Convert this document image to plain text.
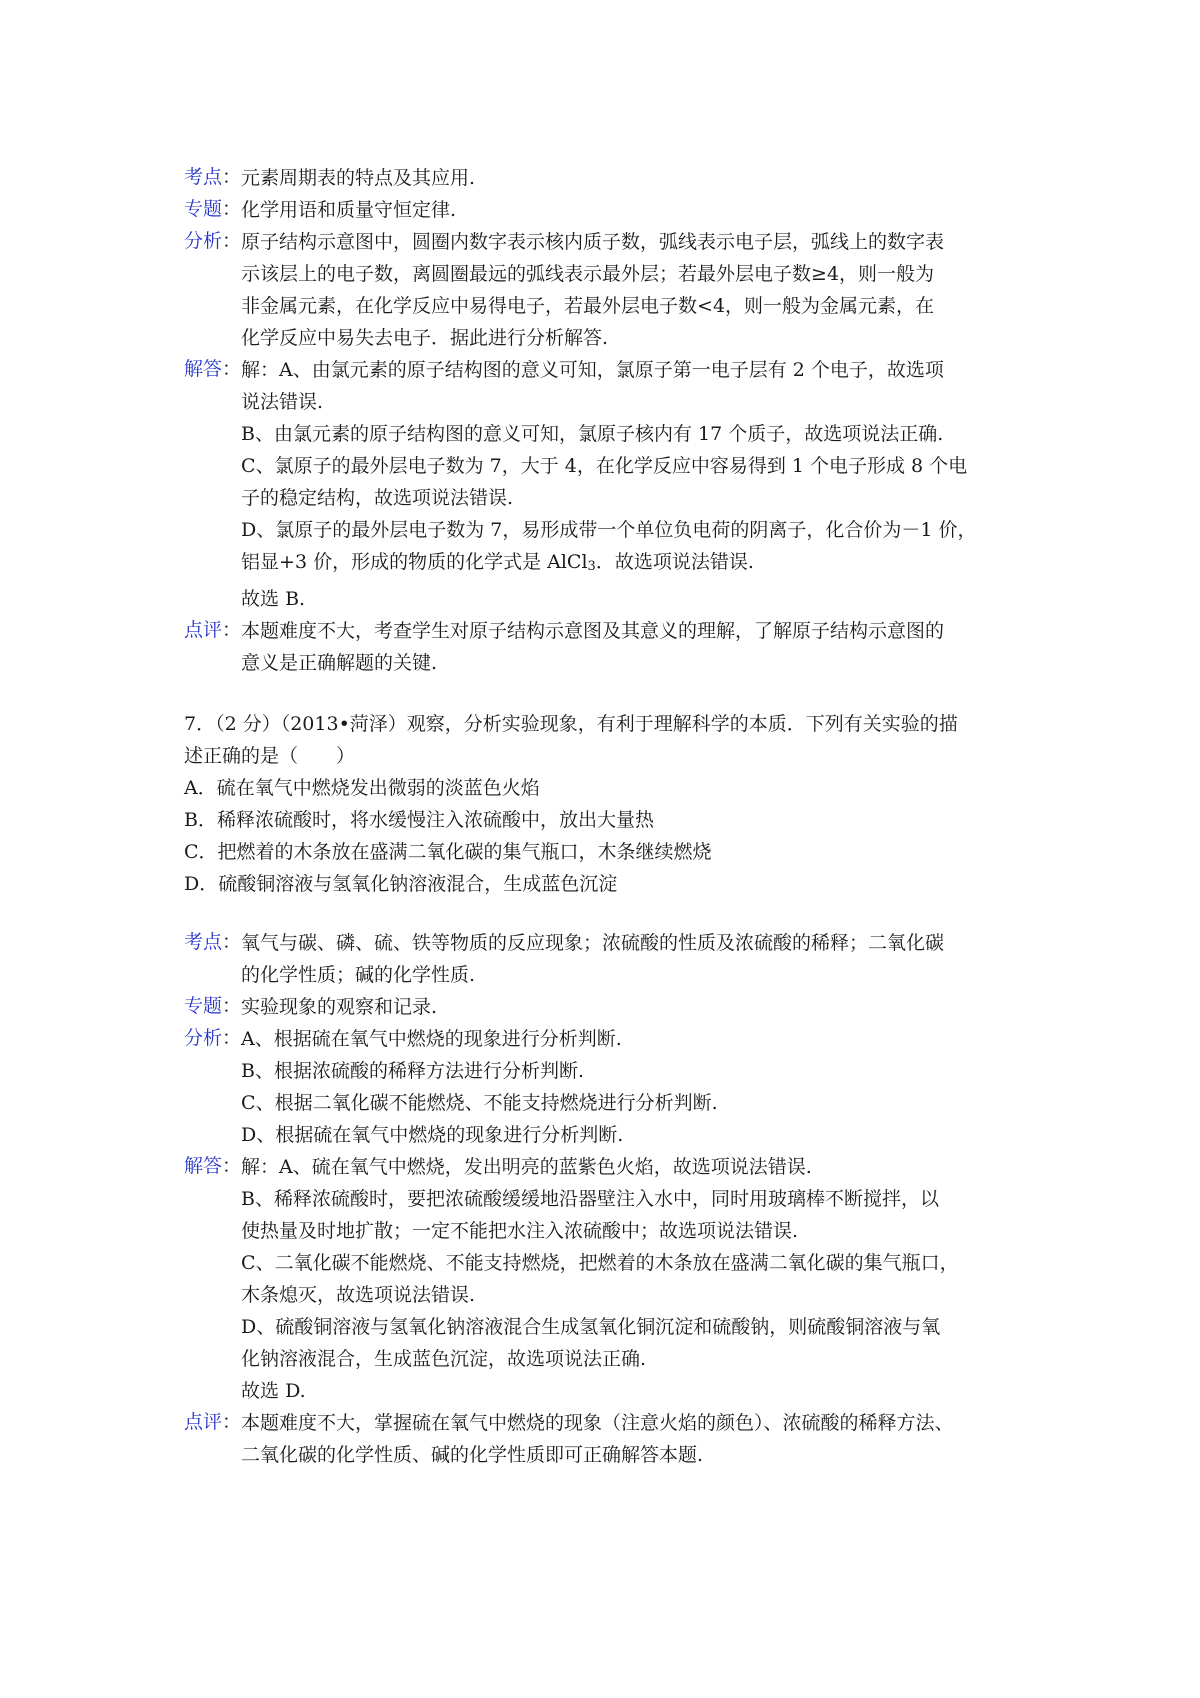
考点 ： 元素周期表的特点及其应用.
专题 ： 化学用语和质量守恒定律.
分析 ： 原子结构示意图中，圆圈内数字表示核内质子数，弧线表示电子层，弧线上的数字表
示该层上的电子数，离圆圈最远的弧线表示最外层；若最外层电子数≥4，则一般为
非金属元素，在化学反应中易得电子，若最外层电子数<4，则一般为金属元素，在
化学反应中易失去电子．据此进行分析解答.
解答 ： 解：A、由氯元素的原子结构图的意义可知，氯原子第一电子层有 2 个电子，故选项
说法错误.
B、由氯元素的原子结构图的意义可知，氯原子核内有 17 个质子，故选项说法正确.
C、氯原子的最外层电子数为 7，大于 4，在化学反应中容易得到 1 个电子形成 8 个电
子的稳定结构，故选项说法错误.
D、氯原子的最外层电子数为 7，易形成带一个单位负电荷的阴离子，化合价为－1 价，
铝显+3 价，形成的物质的化学式是 AlCl3．故选项说法错误.
故选 B.
点评 ： 本题难度不大，考查学生对原子结构示意图及其意义的理解，了解原子结构示意图的
意义是正确解题的关键.
7．（2 分）（2013•菏泽）观察，分析实验现象，有利于理解科学的本质．下列有关实验的描
述正确的是（　　）
A．硫在氧气中燃烧发出微弱的淡蓝色火焰
B．稀释浓硫酸时，将水缓慢注入浓硫酸中，放出大量热
C．把燃着的木条放在盛满二氧化碳的集气瓶口，木条继续燃烧
D．硫酸铜溶液与氢氧化钠溶液混合，生成蓝色沉淀
考点 ： 氧气与碳、磷、硫、铁等物质的反应现象；浓硫酸的性质及浓硫酸的稀释；二氧化碳
的化学性质；碱的化学性质.
专题 ： 实验现象的观察和记录.
分析 ： A、根据硫在氧气中燃烧的现象进行分析判断.
B、根据浓硫酸的稀释方法进行分析判断.
C、根据二氧化碳不能燃烧、不能支持燃烧进行分析判断.
D、根据硫在氧气中燃烧的现象进行分析判断.
解答 ： 解：A、硫在氧气中燃烧，发出明亮的蓝紫色火焰，故选项说法错误.
B、稀释浓硫酸时，要把浓硫酸缓缓地沿器壁注入水中，同时用玻璃棒不断搅拌，以
使热量及时地扩散；一定不能把水注入浓硫酸中；故选项说法错误.
C、二氧化碳不能燃烧、不能支持燃烧，把燃着的木条放在盛满二氧化碳的集气瓶口，
木条熄灭，故选项说法错误.
D、硫酸铜溶液与氢氧化钠溶液混合生成氢氧化铜沉淀和硫酸钠，则硫酸铜溶液与氧
化钠溶液混合，生成蓝色沉淀，故选项说法正确.
故选 D.
点评 ： 本题难度不大，掌握硫在氧气中燃烧的现象（注意火焰的颜色）、浓硫酸的稀释方法、
二氧化碳的化学性质、碱的化学性质即可正确解答本题.
